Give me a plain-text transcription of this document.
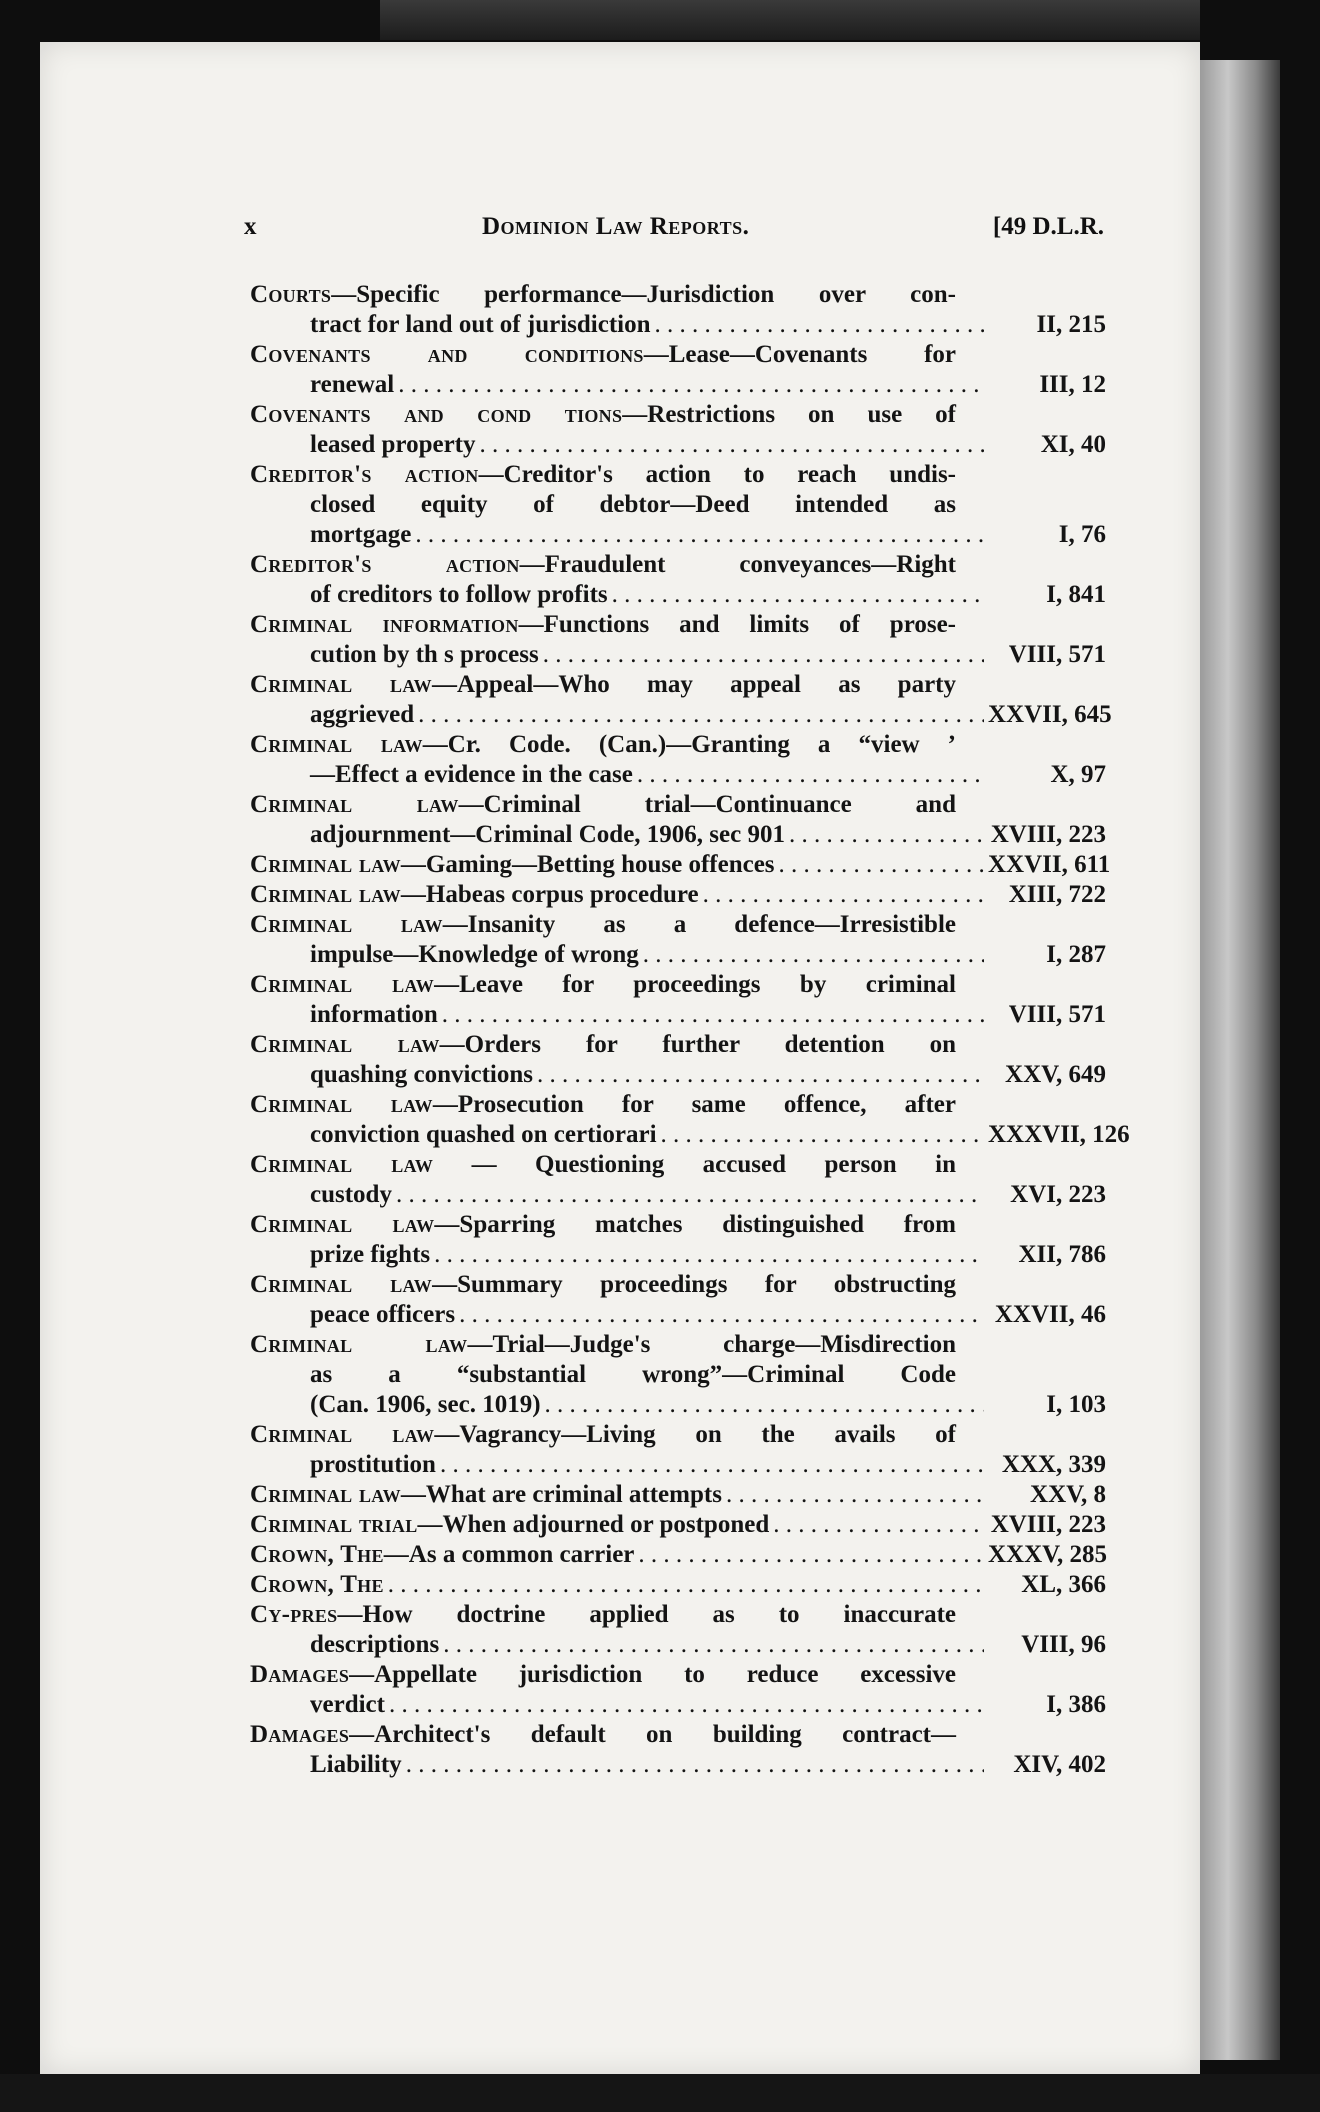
x	Dominion Law Reports.	[49 D.L.R.
Courts—Specific performance—Jurisdiction over con-
tract for land out of jurisdiction . . .	II, 215
Covenants and conditions—Lease—Covenants for
renewal . . .	III, 12
Covenants and cond tions—Restrictions on use of
leased property . . .	XI, 40
Creditor's action—Creditor's action to reach undis-
closed equity of debtor—Deed intended as
mortgage . . .	I, 76
Creditor's action—Fraudulent conveyances—Right
of creditors to follow profits . . .	I, 841
Criminal information—Functions and limits of prose-
cution by th s process . . .	VIII, 571
Criminal law—Appeal—Who may appeal as party
aggrieved . . .	XXVII, 645
Criminal law—Cr. Code. (Can.)—Granting a “view ’
—Effect a evidence in the case . . .	X, 97
Criminal law—Criminal trial—Continuance and
adjournment—Criminal Code, 1906, sec 901 . . .	XVIII, 223
Criminal law—Gaming—Betting house offences . . .	XXVII, 611
Criminal law—Habeas corpus procedure . . .	XIII, 722
Criminal law—Insanity as a defence—Irresistible
impulse—Knowledge of wrong . . .	I, 287
Criminal law—Leave for proceedings by criminal
information . . .	VIII, 571
Criminal law—Orders for further detention on
quashing convictions . . .	XXV, 649
Criminal law—Prosecution for same offence, after
conviction quashed on certiorari . . .	XXXVII, 126
Criminal law — Questioning accused person in
custody . . .	XVI, 223
Criminal law—Sparring matches distinguished from
prize fights . . .	XII, 786
Criminal law—Summary proceedings for obstructing
peace officers . . .	XXVII, 46
Criminal law—Trial—Judge's charge—Misdirection
as a “substantial wrong”—Criminal Code
(Can. 1906, sec. 1019) . . .	I, 103
Criminal law—Vagrancy—Living on the avails of
prostitution . . .	XXX, 339
Criminal law—What are criminal attempts . . .	XXV, 8
Criminal trial—When adjourned or postponed . . .	XVIII, 223
Crown, The—As a common carrier . . .	XXXV, 285
Crown, The . . .	XL, 366
Cy-pres—How doctrine applied as to inaccurate
descriptions . . .	VIII, 96
Damages—Appellate jurisdiction to reduce excessive
verdict . . .	I, 386
Damages—Architect's default on building contract—
Liability . . .	XIV, 402
